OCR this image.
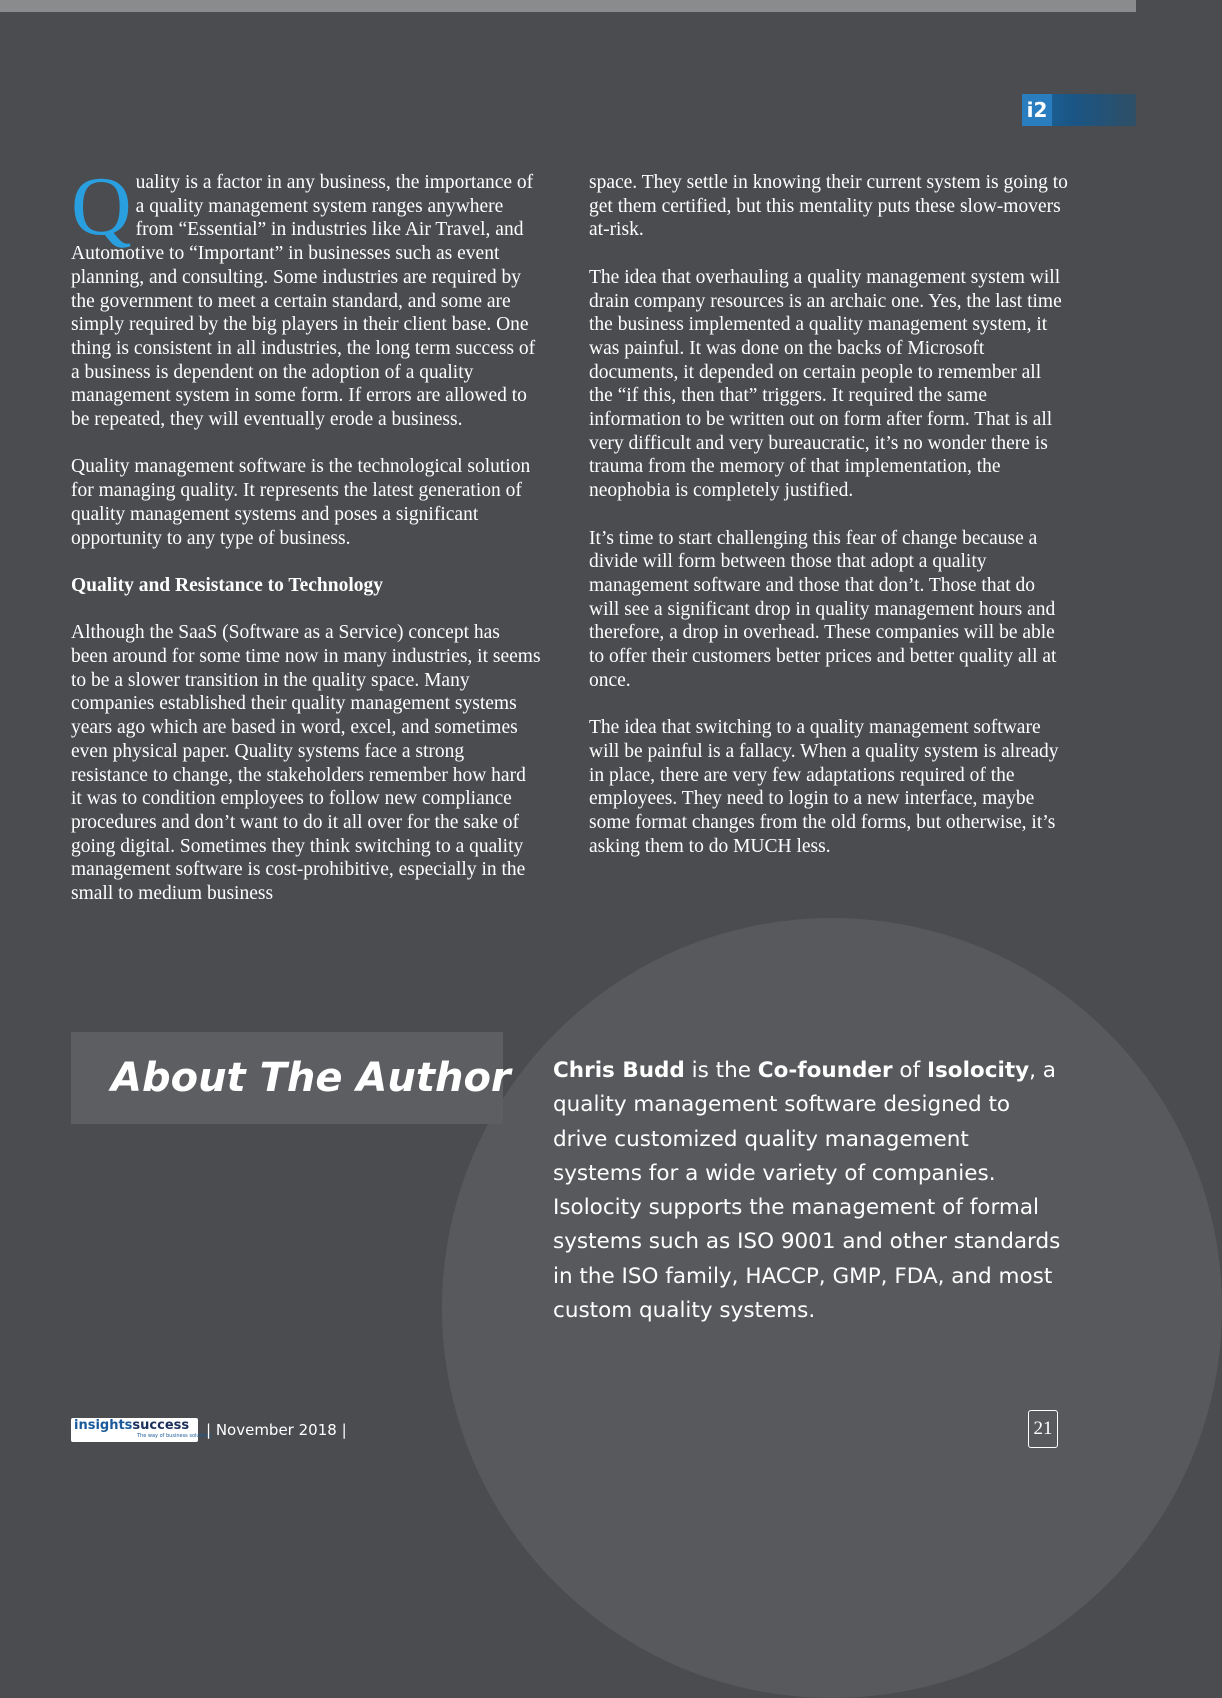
i2

Quality is a factor in any business, the importance of a quality management system ranges anywhere from “Essential” in industries like Air Travel, and Automotive to “Important” in businesses such as event planning, and consulting. Some industries are required by the government to meet a certain standard, and some are simply required by the big players in their client base. One thing is consistent in all industries, the long term success of a business is dependent on the adoption of a quality management system in some form. If errors are allowed to be repeated, they will eventually erode a business.

Quality management software is the technological solution for managing quality. It represents the latest generation of quality management systems and poses a significant opportunity to any type of business.

Quality and Resistance to Technology

Although the SaaS (Software as a Service) concept has been around for some time now in many industries, it seems to be a slower transition in the quality space. Many companies established their quality management systems years ago which are based in word, excel, and sometimes even physical paper. Quality systems face a strong resistance to change, the stakeholders remember how hard it was to condition employees to follow new compliance procedures and don’t want to do it all over for the sake of going digital. Sometimes they think switching to a quality management software is cost-prohibitive, especially in the small to medium business

space. They settle in knowing their current system is going to get them certified, but this mentality puts these slow-movers at-risk.

The idea that overhauling a quality management system will drain company resources is an archaic one. Yes, the last time the business implemented a quality management system, it was painful. It was done on the backs of Microsoft documents, it depended on certain people to remember all the “if this, then that” triggers. It required the same information to be written out on form after form. That is all very difficult and very bureaucratic, it’s no wonder there is trauma from the memory of that implementation, the neophobia is completely justified.

It’s time to start challenging this fear of change because a divide will form between those that adopt a quality management software and those that don’t. Those that do will see a significant drop in quality management hours and therefore, a drop in overhead. These companies will be able to offer their customers better prices and better quality all at once.

The idea that switching to a quality management software will be painful is a fallacy. When a quality system is already in place, there are very few adaptations required of the employees. They need to login to a new interface, maybe some format changes from the old forms, but otherwise, it’s asking them to do MUCH less.

About The Author Chris Budd is the Co-founder of Isolocity, a quality management software designed to drive customized quality management systems for a wide variety of companies. Isolocity supports the management of formal systems such as ISO 9001 and other standards in the ISO family, HACCP, GMP, FDA, and most custom quality systems.

insightssuccess
The way of business solutions
| November 2018 |	21
